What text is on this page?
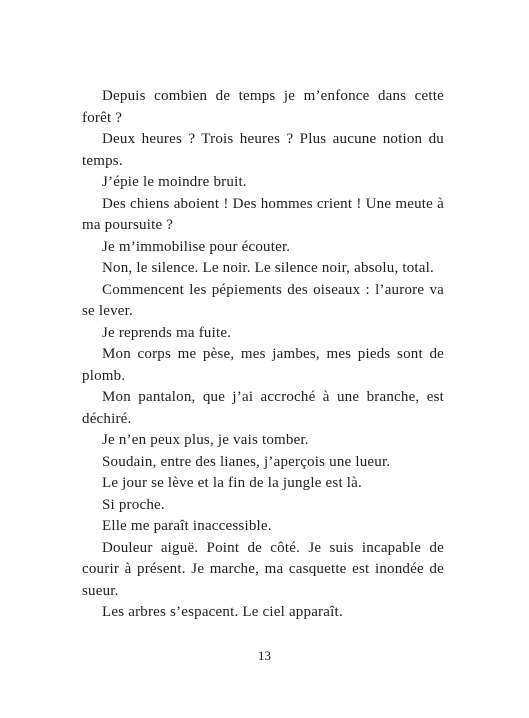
Depuis combien de temps je m’enfonce dans cette forêt ?

Deux heures ? Trois heures ? Plus aucune notion du temps.

J’épie le moindre bruit.

Des chiens aboient ! Des hommes crient ! Une meute à ma poursuite ?

Je m’immobilise pour écouter.

Non, le silence. Le noir. Le silence noir, absolu, total.

Commencent les pépiements des oiseaux : l’aurore va se lever.

Je reprends ma fuite.

Mon corps me pèse, mes jambes, mes pieds sont de plomb.

Mon pantalon, que j’ai accroché à une branche, est déchiré.

Je n’en peux plus, je vais tomber.

Soudain, entre des lianes, j’aperçois une lueur.

Le jour se lève et la fin de la jungle est là.

Si proche.

Elle me paraît inaccessible.

Douleur aiguë. Point de côté. Je suis incapable de courir à présent. Je marche, ma casquette est inondée de sueur.

Les arbres s’espacent. Le ciel apparaît.

13
